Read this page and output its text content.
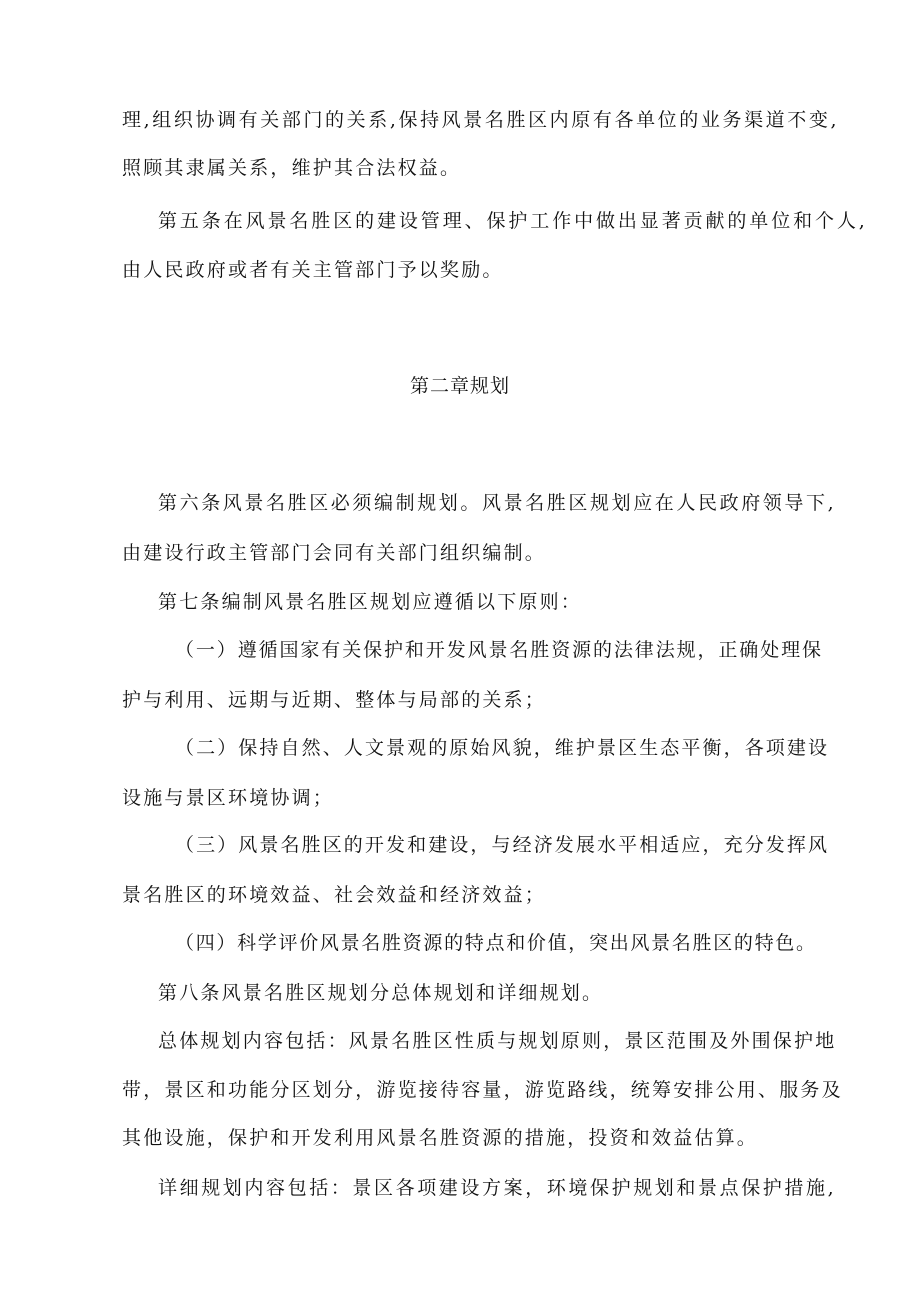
理,组织协调有关部门的关系,保持风景名胜区内原有各单位的业务渠道不变,
照顾其隶属关系，维护其合法权益。
第五条在风景名胜区的建设管理、保护工作中做出显著贡献的单位和个人,
由人民政府或者有关主管部门予以奖励。
第二章规划
第六条风景名胜区必须编制规划。风景名胜区规划应在人民政府领导下,
由建设行政主管部门会同有关部门组织编制。
第七条编制风景名胜区规划应遵循以下原则：
（一）遵循国家有关保护和开发风景名胜资源的法律法规，正确处理保
护与利用、远期与近期、整体与局部的关系；
（二）保持自然、人文景观的原始风貌，维护景区生态平衡，各项建设
设施与景区环境协调；
（三）风景名胜区的开发和建设，与经济发展水平相适应，充分发挥风
景名胜区的环境效益、社会效益和经济效益；
（四）科学评价风景名胜资源的特点和价值，突出风景名胜区的特色。
第八条风景名胜区规划分总体规划和详细规划。
总体规划内容包括：风景名胜区性质与规划原则，景区范围及外围保护地
带，景区和功能分区划分，游览接待容量，游览路线，统筹安排公用、服务及
其他设施，保护和开发利用风景名胜资源的措施，投资和效益估算。
详细规划内容包括：景区各项建设方案，环境保护规划和景点保护措施,
